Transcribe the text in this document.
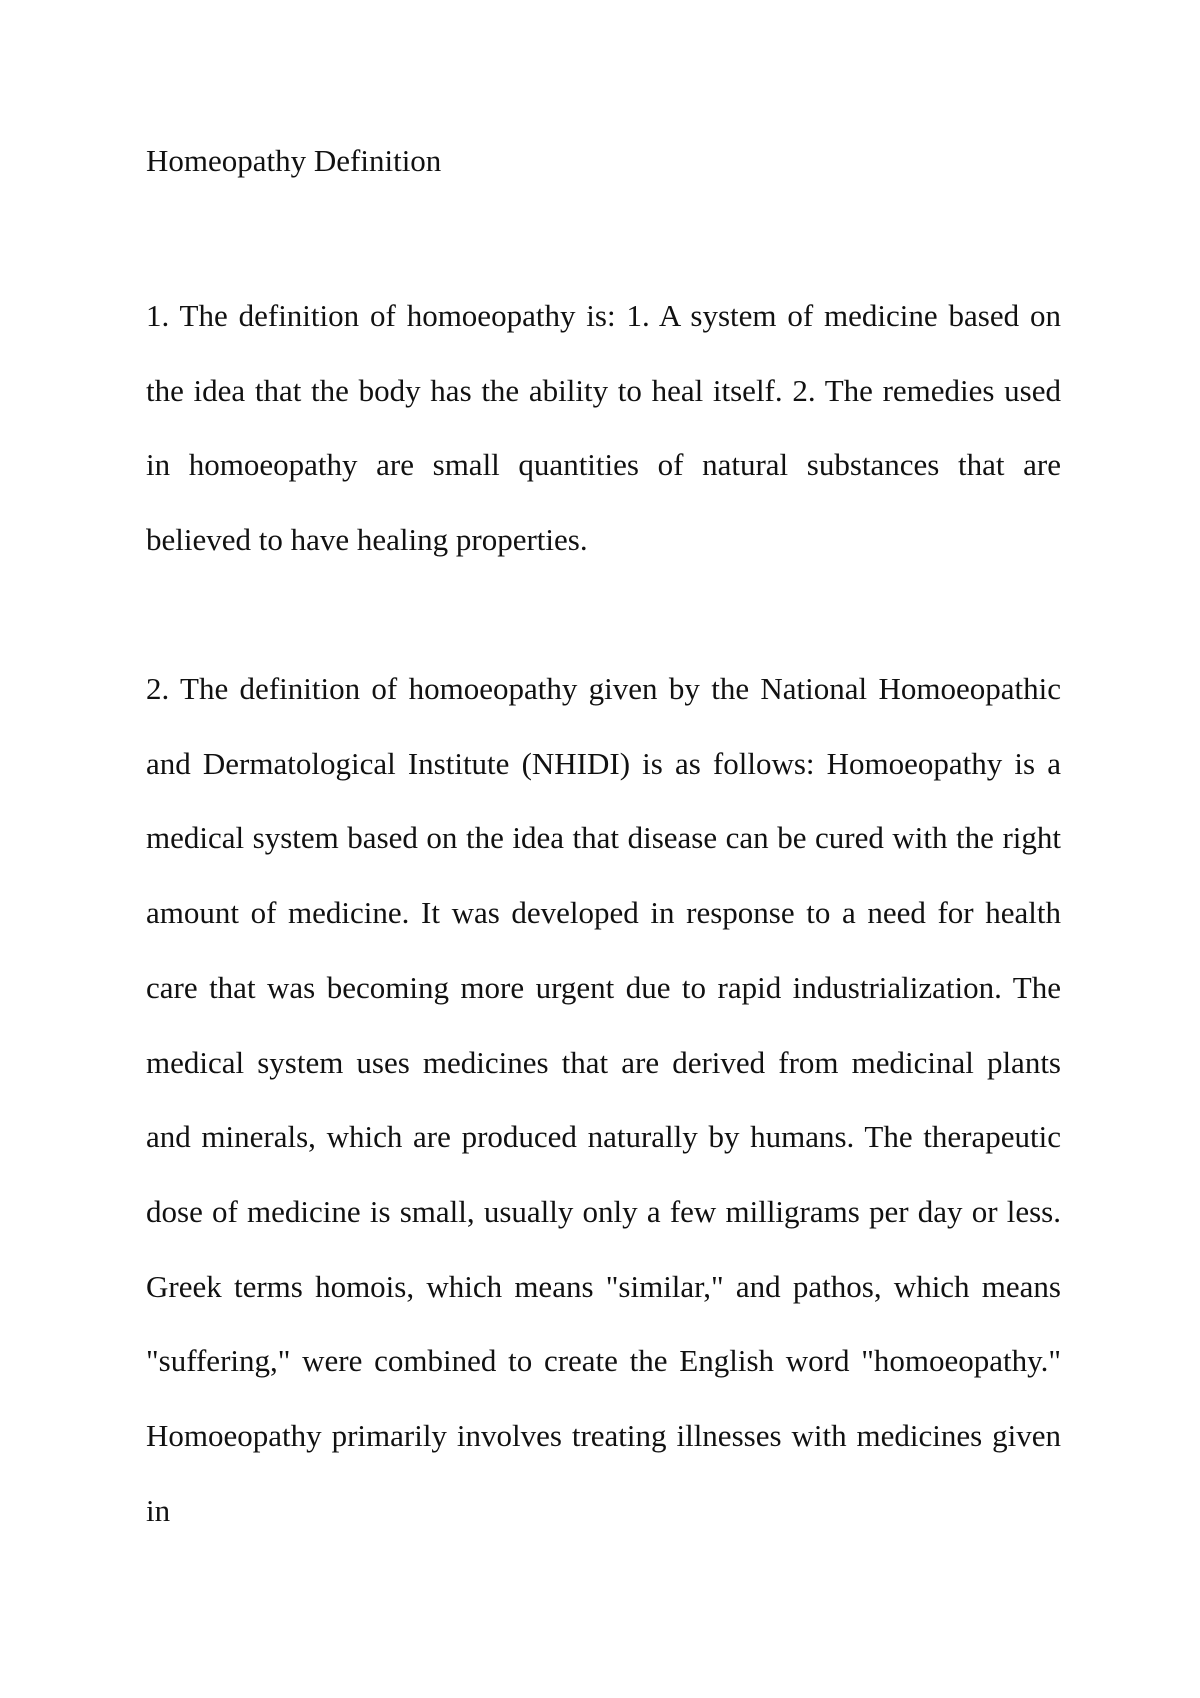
Homeopathy Definition

1. The definition of homoeopathy is: 1. A system of medicine based on the idea that the body has the ability to heal itself. 2. The remedies used in homoeopathy are small quantities of natural substances that are believed to have healing properties.

2. The definition of homoeopathy given by the National Homoeopathic and Dermatological Institute (NHIDI) is as follows: Homoeopathy is a medical system based on the idea that disease can be cured with the right amount of medicine. It was developed in response to a need for health care that was becoming more urgent due to rapid industrialization. The medical system uses medicines that are derived from medicinal plants and minerals, which are produced naturally by humans. The therapeutic dose of medicine is small, usually only a few milligrams per day or less. Greek terms homois, which means "similar," and pathos, which means "suffering," were combined to create the English word "homoeopathy." Homoeopathy primarily involves treating illnesses with medicines given in
